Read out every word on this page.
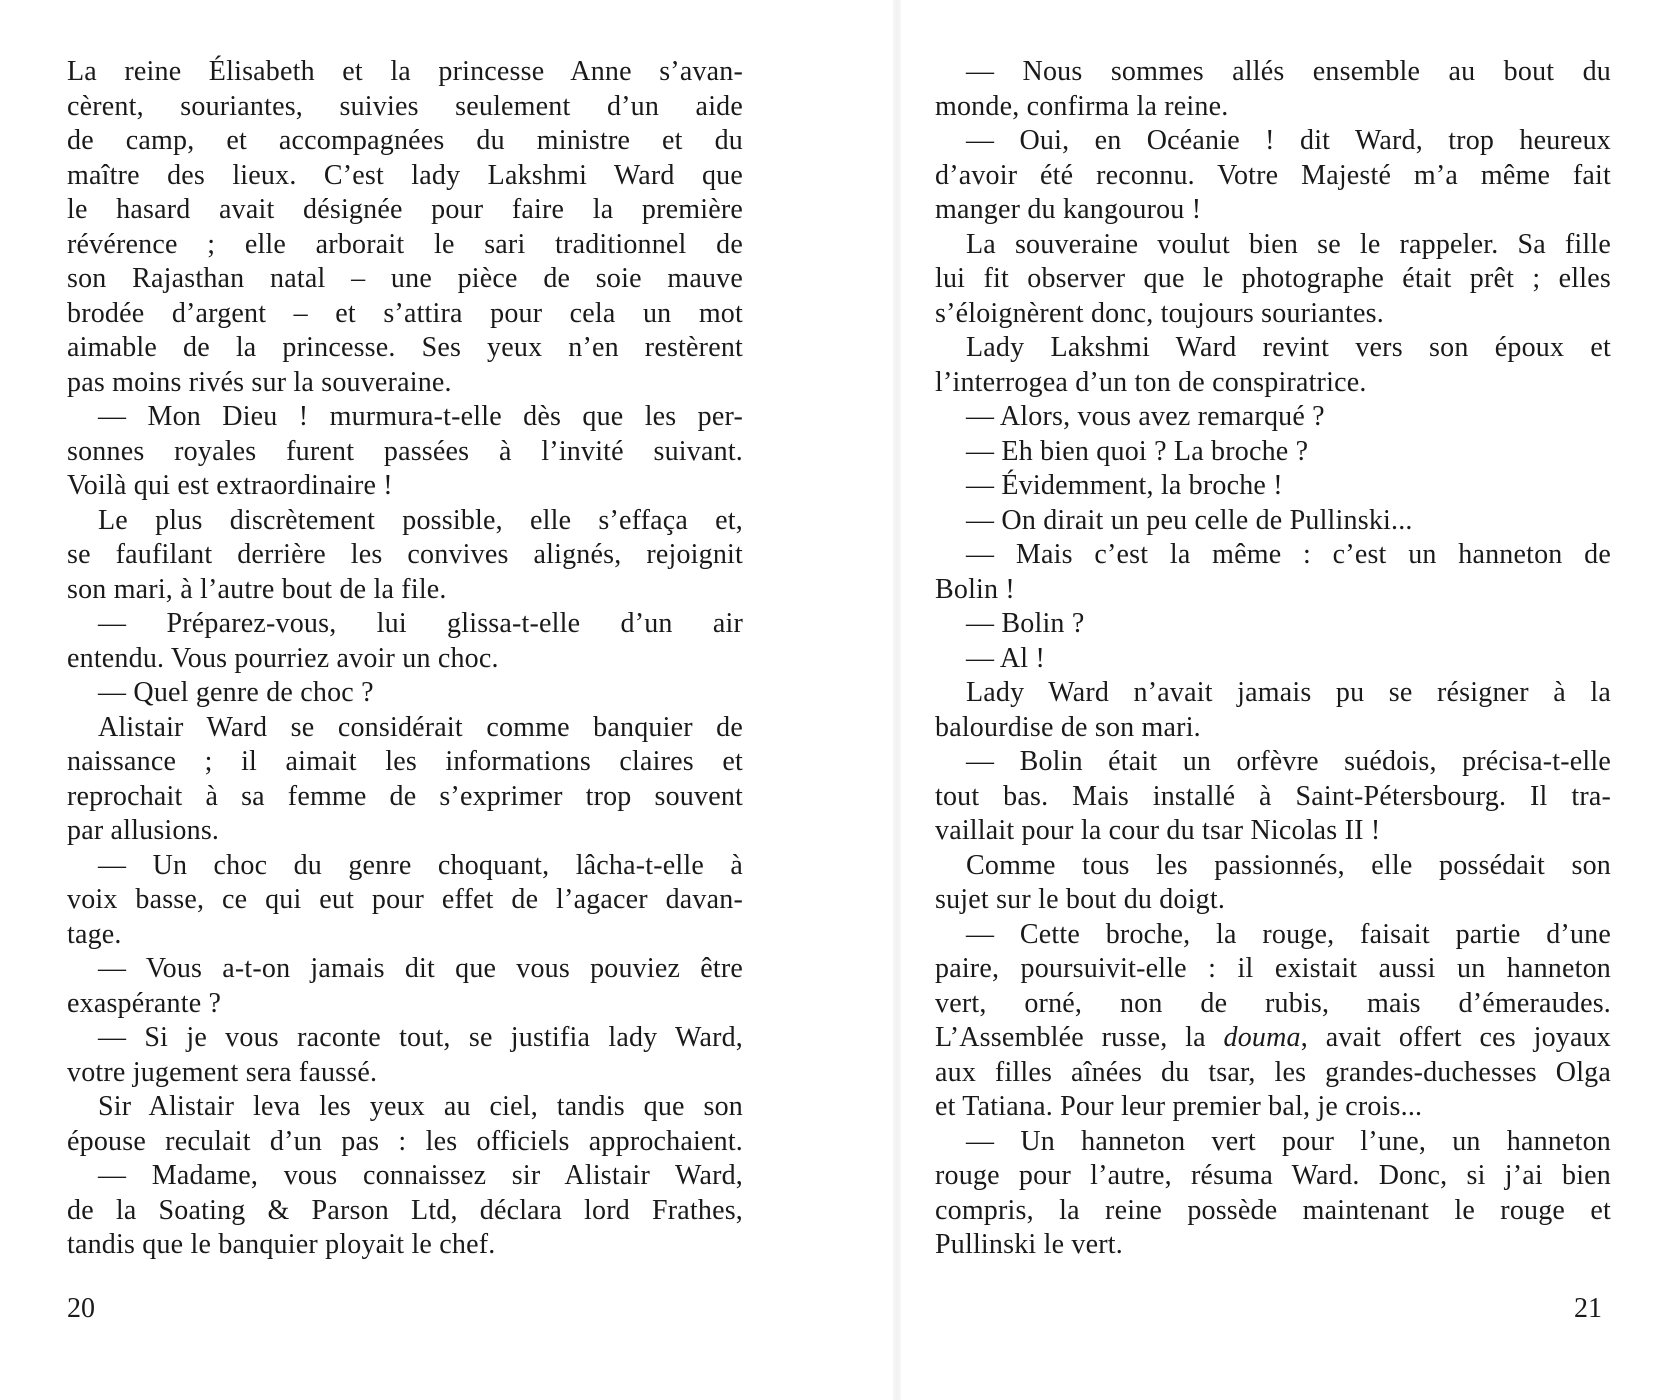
La reine Élisabeth et la princesse Anne s’avan-
cèrent, souriantes, suivies seulement d’un aide
de camp, et accompagnées du ministre et du
maître des lieux. C’est lady Lakshmi Ward que
le hasard avait désignée pour faire la première
révérence ; elle arborait le sari traditionnel de
son Rajasthan natal – une pièce de soie mauve
brodée d’argent – et s’attira pour cela un mot
aimable de la princesse. Ses yeux n’en restèrent
pas moins rivés sur la souveraine.
— Mon Dieu ! murmura-t-elle dès que les per-
sonnes royales furent passées à l’invité suivant.
Voilà qui est extraordinaire !
Le plus discrètement possible, elle s’effaça et,
se faufilant derrière les convives alignés, rejoignit
son mari, à l’autre bout de la file.
— Préparez-vous, lui glissa-t-elle d’un air
entendu. Vous pourriez avoir un choc.
— Quel genre de choc ?
Alistair Ward se considérait comme banquier de
naissance ; il aimait les informations claires et
reprochait à sa femme de s’exprimer trop souvent
par allusions.
— Un choc du genre choquant, lâcha-t-elle à
voix basse, ce qui eut pour effet de l’agacer davan-
tage.
— Vous a-t-on jamais dit que vous pouviez être
exaspérante ?
— Si je vous raconte tout, se justifia lady Ward,
votre jugement sera faussé.
Sir Alistair leva les yeux au ciel, tandis que son
épouse reculait d’un pas : les officiels approchaient.
— Madame, vous connaissez sir Alistair Ward,
de la Soating & Parson Ltd, déclara lord Frathes,
tandis que le banquier ployait le chef.
— Nous sommes allés ensemble au bout du
monde, confirma la reine.
— Oui, en Océanie ! dit Ward, trop heureux
d’avoir été reconnu. Votre Majesté m’a même fait
manger du kangourou !
La souveraine voulut bien se le rappeler. Sa fille
lui fit observer que le photographe était prêt ; elles
s’éloignèrent donc, toujours souriantes.
Lady Lakshmi Ward revint vers son époux et
l’interrogea d’un ton de conspiratrice.
— Alors, vous avez remarqué ?
— Eh bien quoi ? La broche ?
— Évidemment, la broche !
— On dirait un peu celle de Pullinski...
— Mais c’est la même : c’est un hanneton de
Bolin !
— Bolin ?
— Al !
Lady Ward n’avait jamais pu se résigner à la
balourdise de son mari.
— Bolin était un orfèvre suédois, précisa-t-elle
tout bas. Mais installé à Saint-Pétersbourg. Il tra-
vaillait pour la cour du tsar Nicolas II !
Comme tous les passionnés, elle possédait son
sujet sur le bout du doigt.
— Cette broche, la rouge, faisait partie d’une
paire, poursuivit-elle : il existait aussi un hanneton
vert, orné, non de rubis, mais d’émeraudes.
L’Assemblée russe, la douma, avait offert ces joyaux
aux filles aînées du tsar, les grandes-duchesses Olga
et Tatiana. Pour leur premier bal, je crois...
— Un hanneton vert pour l’une, un hanneton
rouge pour l’autre, résuma Ward. Donc, si j’ai bien
compris, la reine possède maintenant le rouge et
Pullinski le vert.
20	21
